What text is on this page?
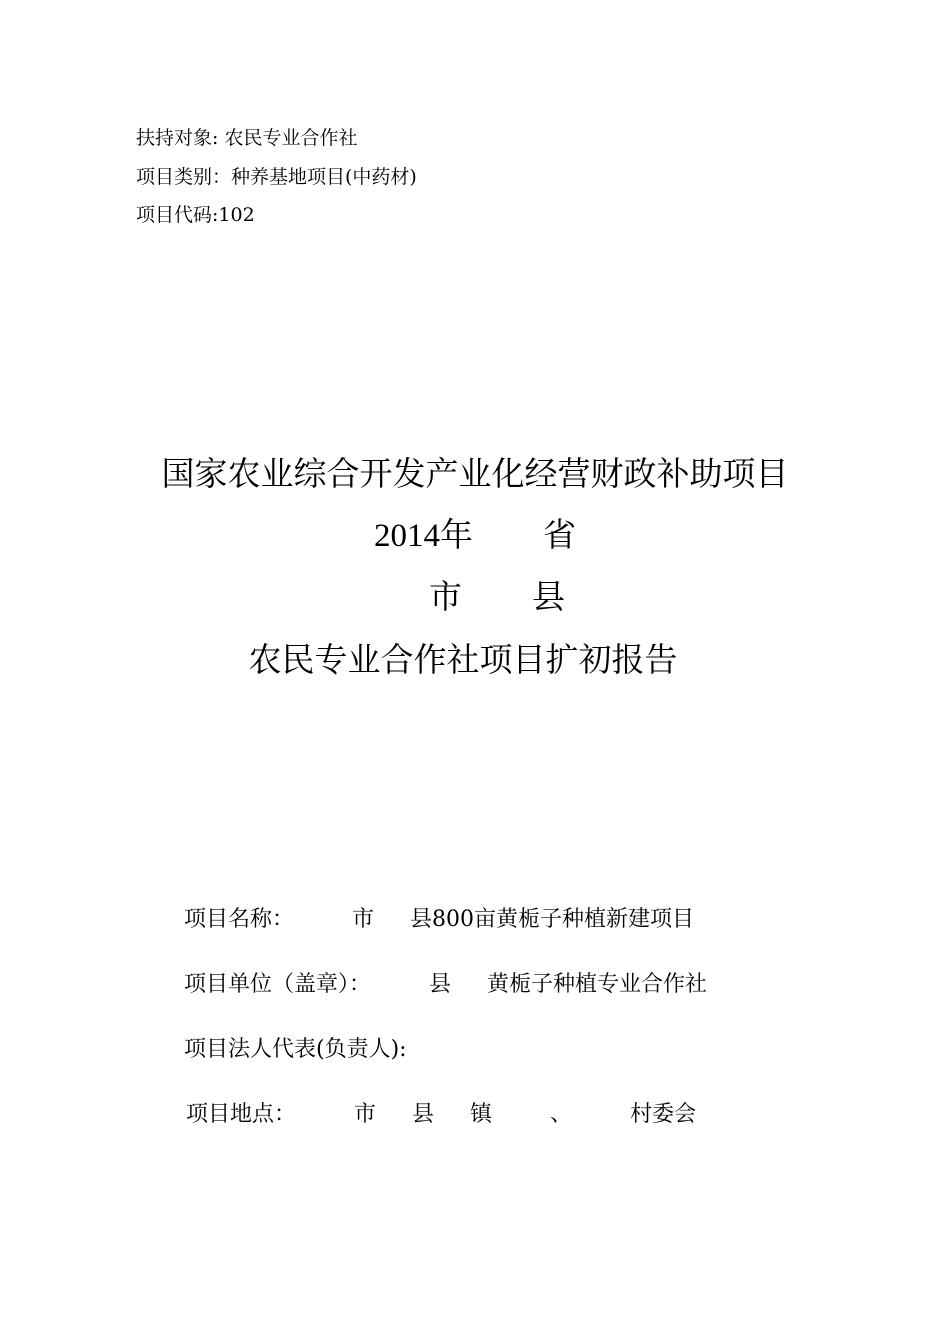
扶持对象: 农民专业合作社
项目类别：种养基地项目(中药材)
项目代码:102
国家农业综合开发产业化经营财政补助项目
2014年 省
市 县
农民专业合作社项目扩初报告
项目名称：	市 县800亩黄栀子种植新建项目
项目单位（盖章）：	县 黄栀子种植专业合作社
项目法人代表(负责人):
项目地点：	市 县 镇	、	村委会
